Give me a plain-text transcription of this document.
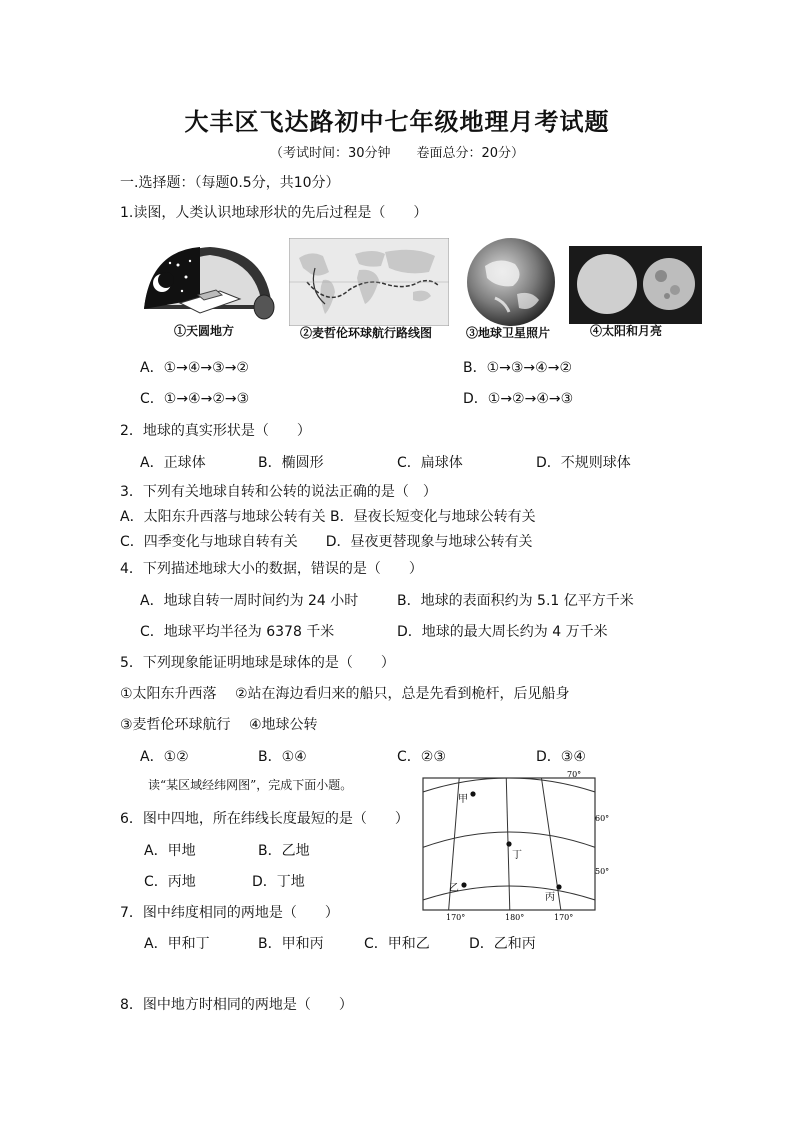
大丰区飞达路初中七年级地理月考试题
（考试时间：30分钟　　卷面总分：20分）
一.选择题：（每题0.5分，共10分）
1.读图，人类认识地球形状的先后过程是（　　）
①天圆地方	②麦哲伦环球航行路线图	③地球卫星照片	④太阳和月亮
A．①→④→③→②	B．①→③→④→②
C．①→④→②→③	D．①→②→④→③
2．地球的真实形状是（　　）
A．正球体	B．椭圆形	C．扁球体	D．不规则球体
3．下列有关地球自转和公转的说法正确的是（　）
A．太阳东升西落与地球公转有关 B．昼夜长短变化与地球公转有关
C．四季变化与地球自转有关　　D．昼夜更替现象与地球公转有关
4．下列描述地球大小的数据，错误的是（　　）
A．地球自转一周时间约为 24 小时	B．地球的表面积约为 5.1 亿平方千米
C．地球平均半径为 6378 千米	D．地球的最大周长约为 4 万千米
5．下列现象能证明地球是球体的是（　　）
①太阳东升西落　 ②站在海边看归来的船只，总是先看到桅杆，后见船身
③麦哲伦环球航行　 ④地球公转
A．①②	B．①④	C．②③	D．③④
读“某区域经纬网图”，完成下面小题。
甲
丁
乙
丙
70°
60°
50°
170°	180°	170°
6．图中四地，所在纬线长度最短的是（　　）
A．甲地	B．乙地
C．丙地	D．丁地
7．图中纬度相同的两地是（　　）
A．甲和丁	B．甲和丙	C．甲和乙	D．乙和丙
8．图中地方时相同的两地是（　　）
